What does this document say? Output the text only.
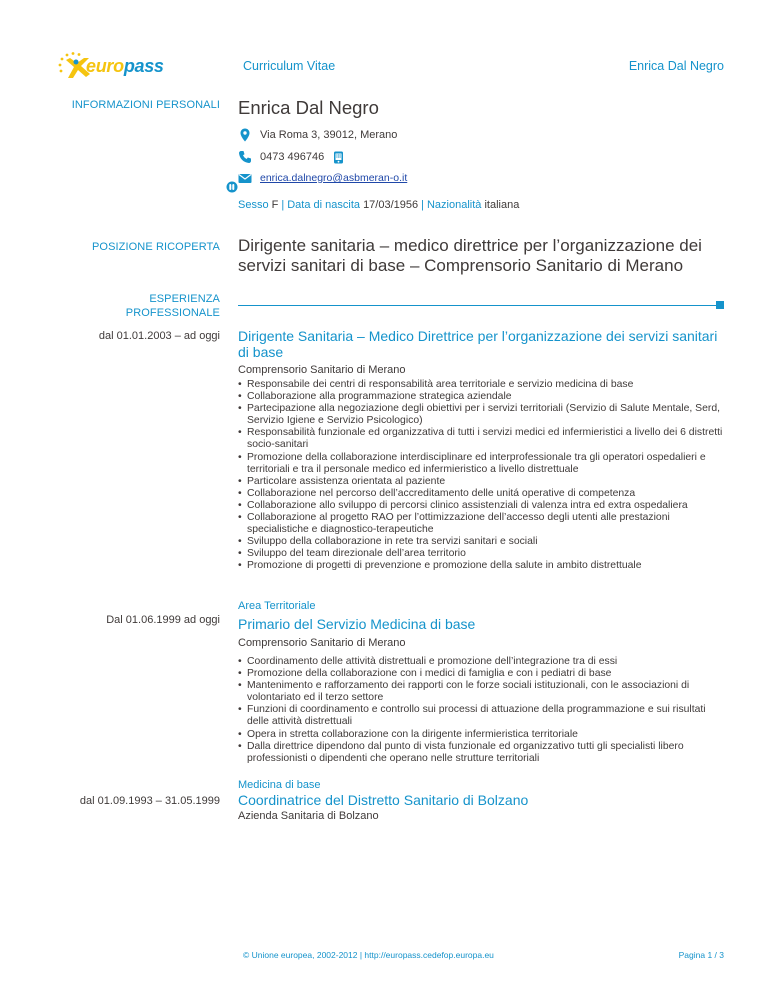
europass	Curriculum Vitae	Enrica Dal Negro
INFORMAZIONI PERSONALI Enrica Dal Negro
Via Roma 3, 39012, Merano
0473 496746
enrica.dalnegro@asbmeran-o.it
Sesso F | Data di nascita 17/03/1956 | Nazionalità italiana
POSIZIONE RICOPERTA Dirigente sanitaria – medico direttrice per l’organizzazione dei servizi sanitari di base – Comprensorio Sanitario di Merano
ESPERIENZA
PROFESSIONALE
dal 01.01.2003 – ad oggi Dirigente Sanitaria – Medico Direttrice per l’organizzazione dei servizi sanitari di base
Comprensorio Sanitario di Merano
• Responsabile dei centri di responsabilità area territoriale e servizio medicina di base
• Collaborazione alla programmazione strategica aziendale
• Partecipazione alla negoziazione degli obiettivi per i servizi territoriali (Servizio di Salute Mentale, Serd, Servizio Igiene e Servizio Psicologico)
• Responsabilità funzionale ed organizzativa di tutti i servizi medici ed infermieristici a livello dei 6 distretti socio-sanitari
• Promozione della collaborazione interdisciplinare ed interprofessionale tra gli operatori ospedalieri e territoriali e tra il personale medico ed infermieristico a livello distrettuale
• Particolare assistenza orientata al paziente
• Collaborazione nel percorso dell’accreditamento delle unitá operative di competenza
• Collaborazione allo sviluppo di percorsi clinico assistenziali di valenza intra ed extra ospedaliera
• Collaborazione al progetto RAO per l’ottimizzazione dell’accesso degli utenti alle prestazioni specialistiche e diagnostico-terapeutiche
• Sviluppo della collaborazione in rete tra servizi sanitari e sociali
• Sviluppo del team direzionale dell’area territorio
• Promozione di progetti di prevenzione e promozione della salute in ambito distrettuale
Area Territoriale
Dal 01.06.1999 ad oggi Primario del Servizio Medicina di base
Comprensorio Sanitario di Merano
• Coordinamento delle attività distrettuali e promozione dell’integrazione tra di essi
• Promozione della collaborazione con i medici di famiglia e con i pediatri di base
• Mantenimento e rafforzamento dei rapporti con le forze sociali istituzionali, con le associazioni di volontariato ed il terzo settore
• Funzioni di coordinamento e controllo sui processi di attuazione della programmazione e sui risultati delle attività distrettuali
• Opera in stretta collaborazione con la dirigente infermieristica territoriale
• Dalla direttrice dipendono dal punto di vista funzionale ed organizzativo tutti gli specialisti libero professionisti o dipendenti che operano nelle strutture territoriali
Medicina di base
dal 01.09.1993 – 31.05.1999 Coordinatrice del Distretto Sanitario di Bolzano
Azienda Sanitaria di Bolzano
© Unione europea, 2002-2012 | http://europass.cedefop.europa.eu	Pagina 1 / 3
